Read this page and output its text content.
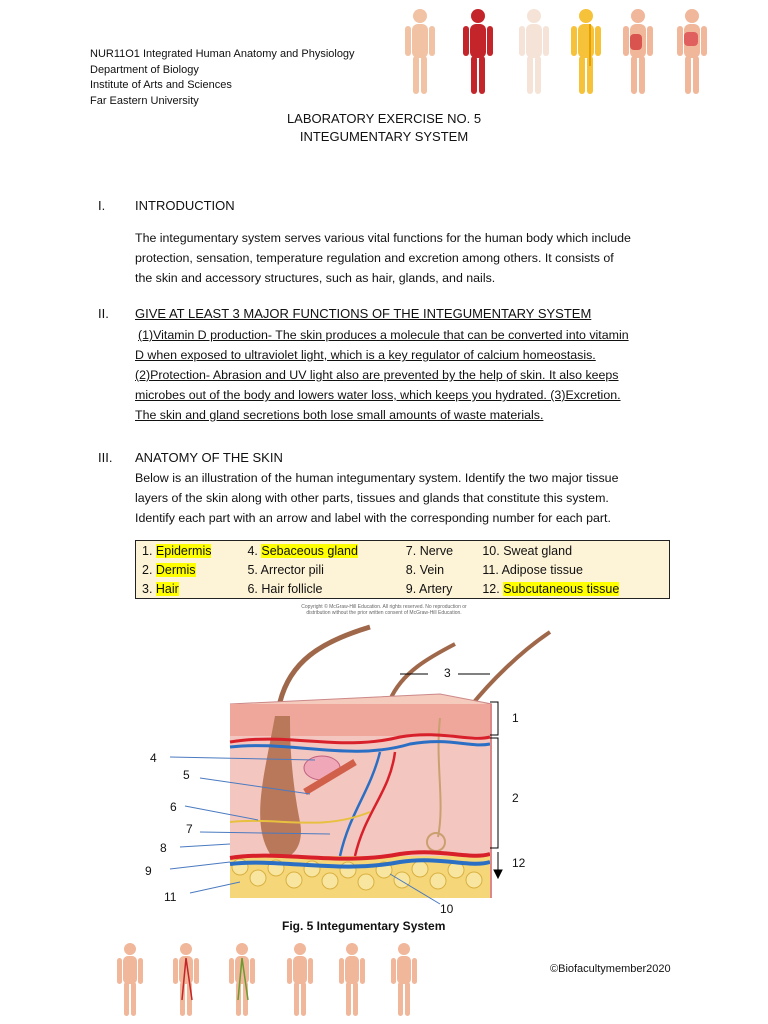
NUR11O1 Integrated Human Anatomy and Physiology
Department of Biology
Institute of Arts and Sciences
Far Eastern University
LABORATORY EXERCISE NO. 5
INTEGUMENTARY SYSTEM
I. INTRODUCTION
The integumentary system serves various vital functions for the human body which include
protection, sensation, temperature regulation and excretion among others. It consists of
the skin and accessory structures, such as hair, glands, and nails.
II. GIVE AT LEAST 3 MAJOR FUNCTIONS OF THE INTEGUMENTARY SYSTEM
(1)Vitamin D production- The skin produces a molecule that can be converted into vitamin
D when exposed to ultraviolet light, which is a key regulator of calcium homeostasis.
(2)Protection- Abrasion and UV light also are prevented by the help of skin. It also keeps
microbes out of the body and lowers water loss, which keeps you hydrated. (3)Excretion.
The skin and gland secretions both lose small amounts of waste materials.
III. ANATOMY OF THE SKIN
Below is an illustration of the human integumentary system. Identify the two major tissue
layers of the skin along with other parts, tissues and glands that constitute this system.
Identify each part with an arrow and label with the corresponding number for each part.
1. Epidermis	4. Sebaceous gland	7. Nerve	10. Sweat gland
2. Dermis	5. Arrector pili	8. Vein	11. Adipose tissue
3. Hair	6. Hair follicle	9. Artery	12. Subcutaneous tissue
Copyright © McGraw-Hill Education. All rights reserved. No reproduction or
distribution without the prior written consent of McGraw-Hill Education.
1
2
3
4
5
6
7
8
9
10
11
12
Fig. 5 Integumentary System
©Biofacultymember2020
